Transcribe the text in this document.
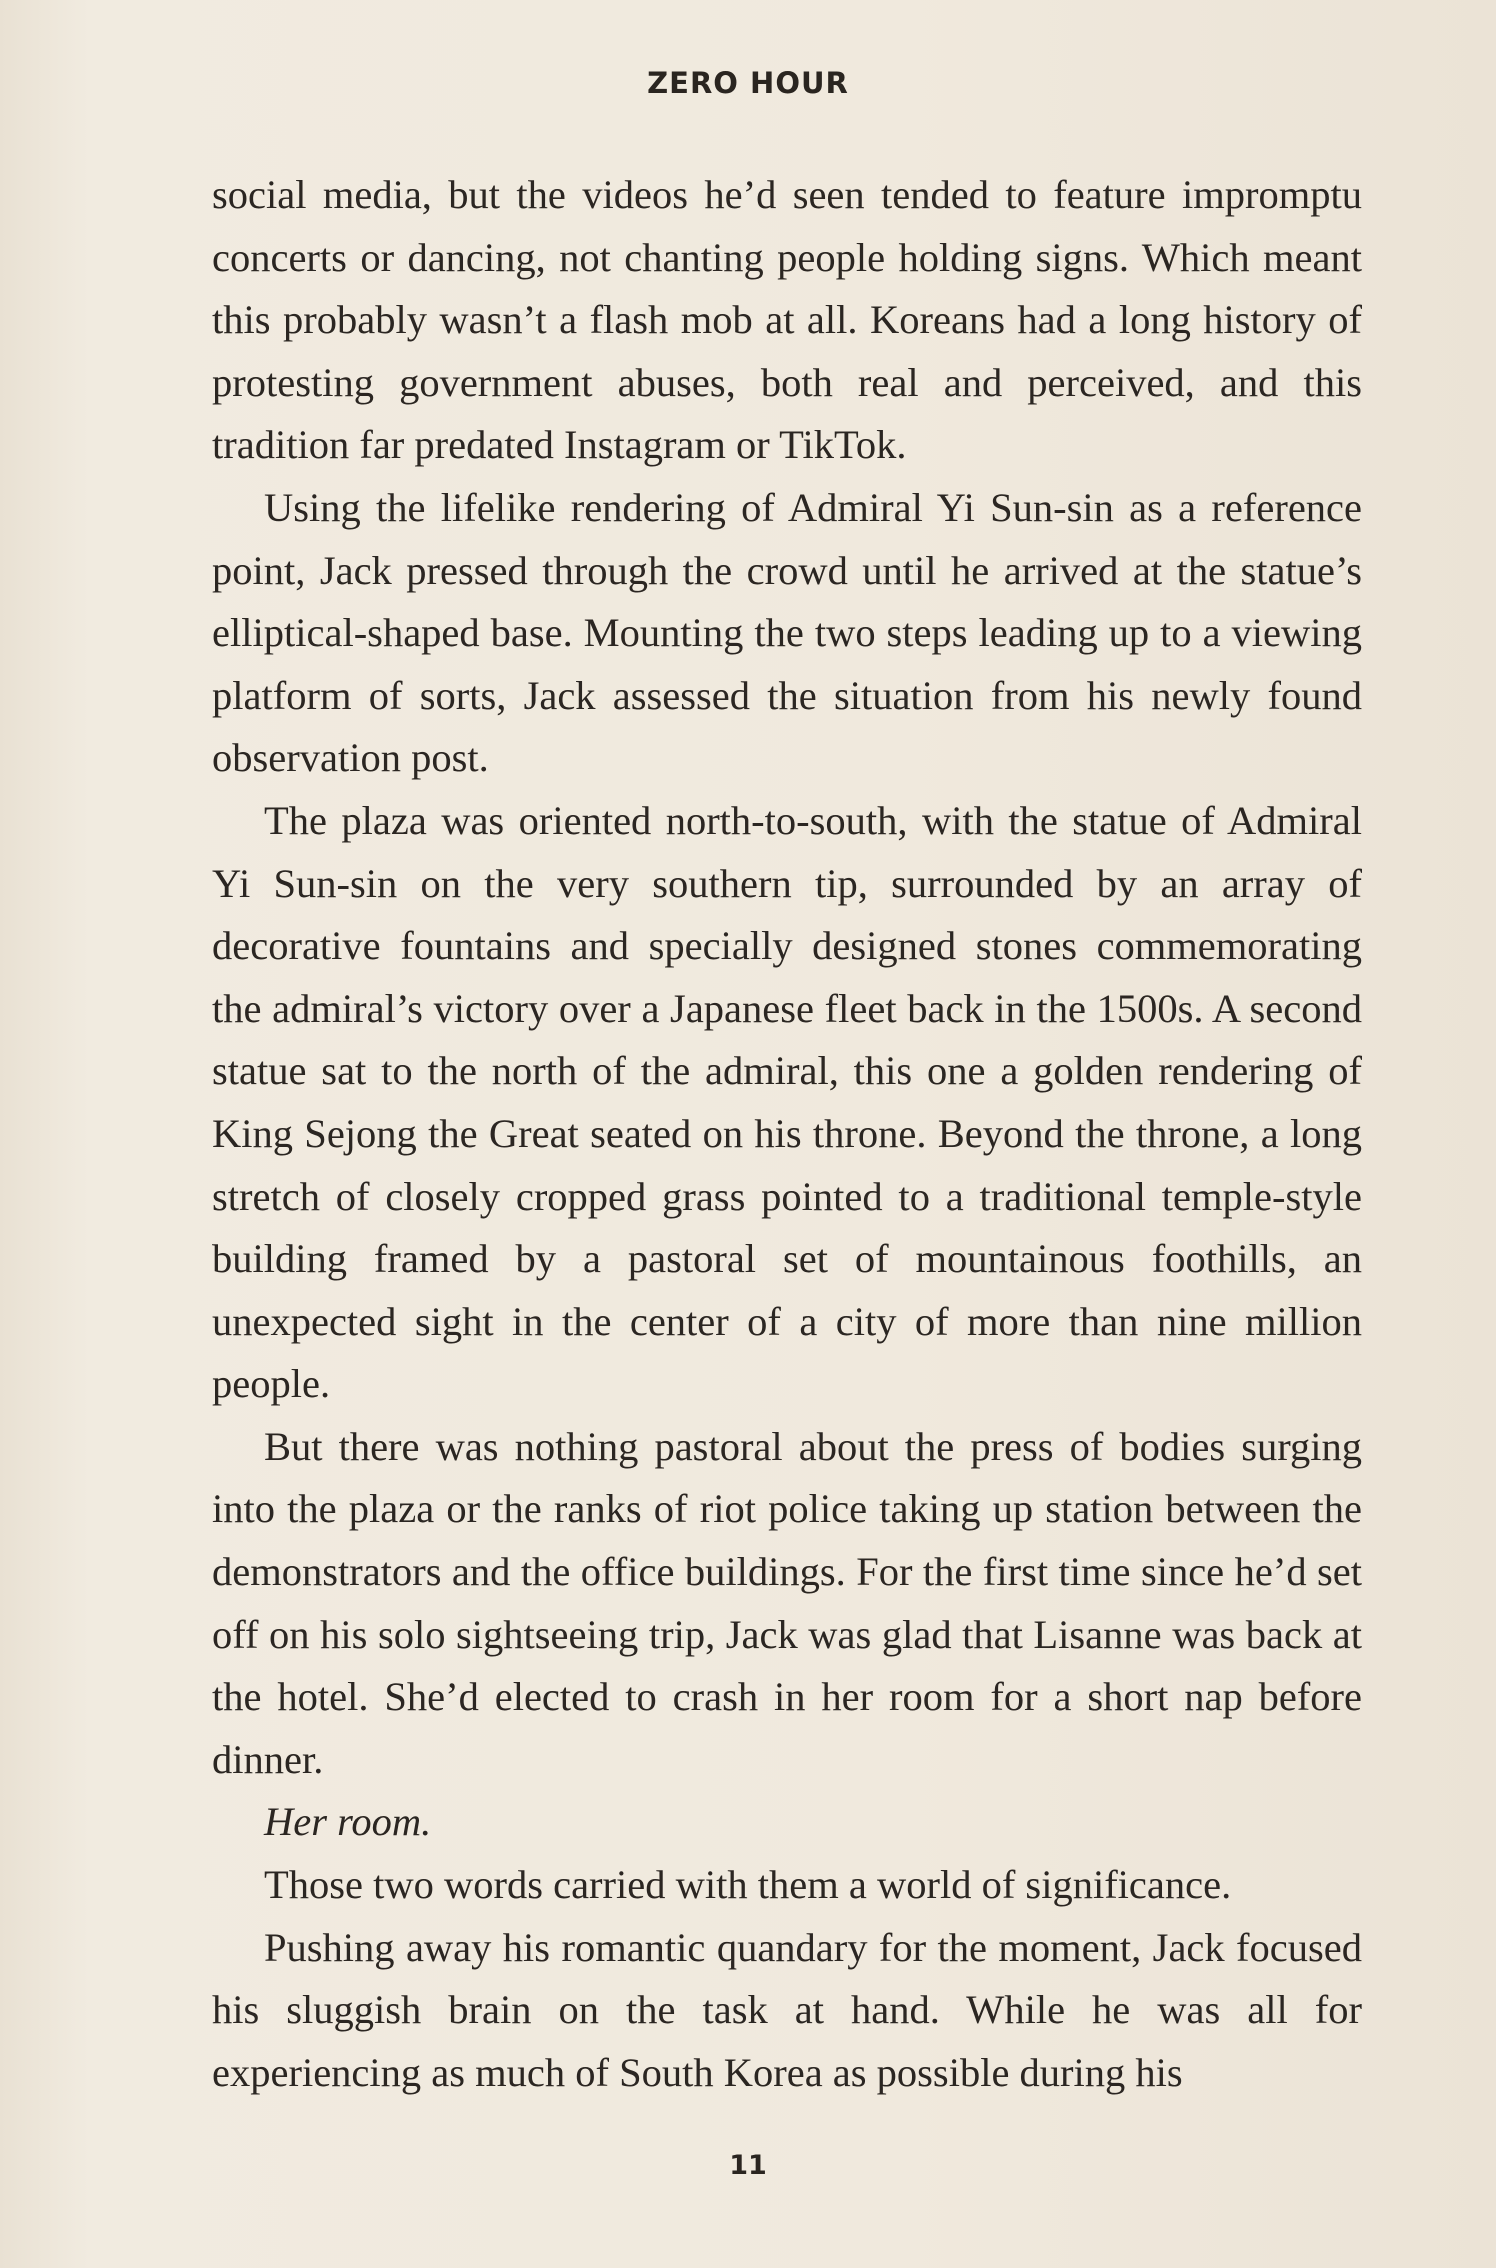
ZERO HOUR

social media, but the videos he’d seen tended to feature impromptu concerts or dancing, not chanting people holding signs. Which meant this probably wasn’t a flash mob at all. Koreans had a long history of protesting government abuses, both real and perceived, and this tradition far predated Instagram or TikTok.

Using the lifelike rendering of Admiral Yi Sun-sin as a reference point, Jack pressed through the crowd until he arrived at the statue’s elliptical-shaped base. Mounting the two steps leading up to a viewing platform of sorts, Jack assessed the situation from his newly found observation post.

The plaza was oriented north-to-south, with the statue of Admiral Yi Sun-sin on the very southern tip, surrounded by an array of decorative fountains and specially designed stones commemorating the admiral’s victory over a Japanese fleet back in the 1500s. A second statue sat to the north of the admiral, this one a golden rendering of King Sejong the Great seated on his throne. Beyond the throne, a long stretch of closely cropped grass pointed to a traditional temple-style building framed by a pastoral set of mountainous foothills, an unexpected sight in the center of a city of more than nine million people.

But there was nothing pastoral about the press of bodies surging into the plaza or the ranks of riot police taking up station between the demonstrators and the office buildings. For the first time since he’d set off on his solo sightseeing trip, Jack was glad that Lisanne was back at the hotel. She’d elected to crash in her room for a short nap before dinner.

Her room.

Those two words carried with them a world of significance.

Pushing away his romantic quandary for the moment, Jack focused his sluggish brain on the task at hand. While he was all for experiencing as much of South Korea as possible during his

11
